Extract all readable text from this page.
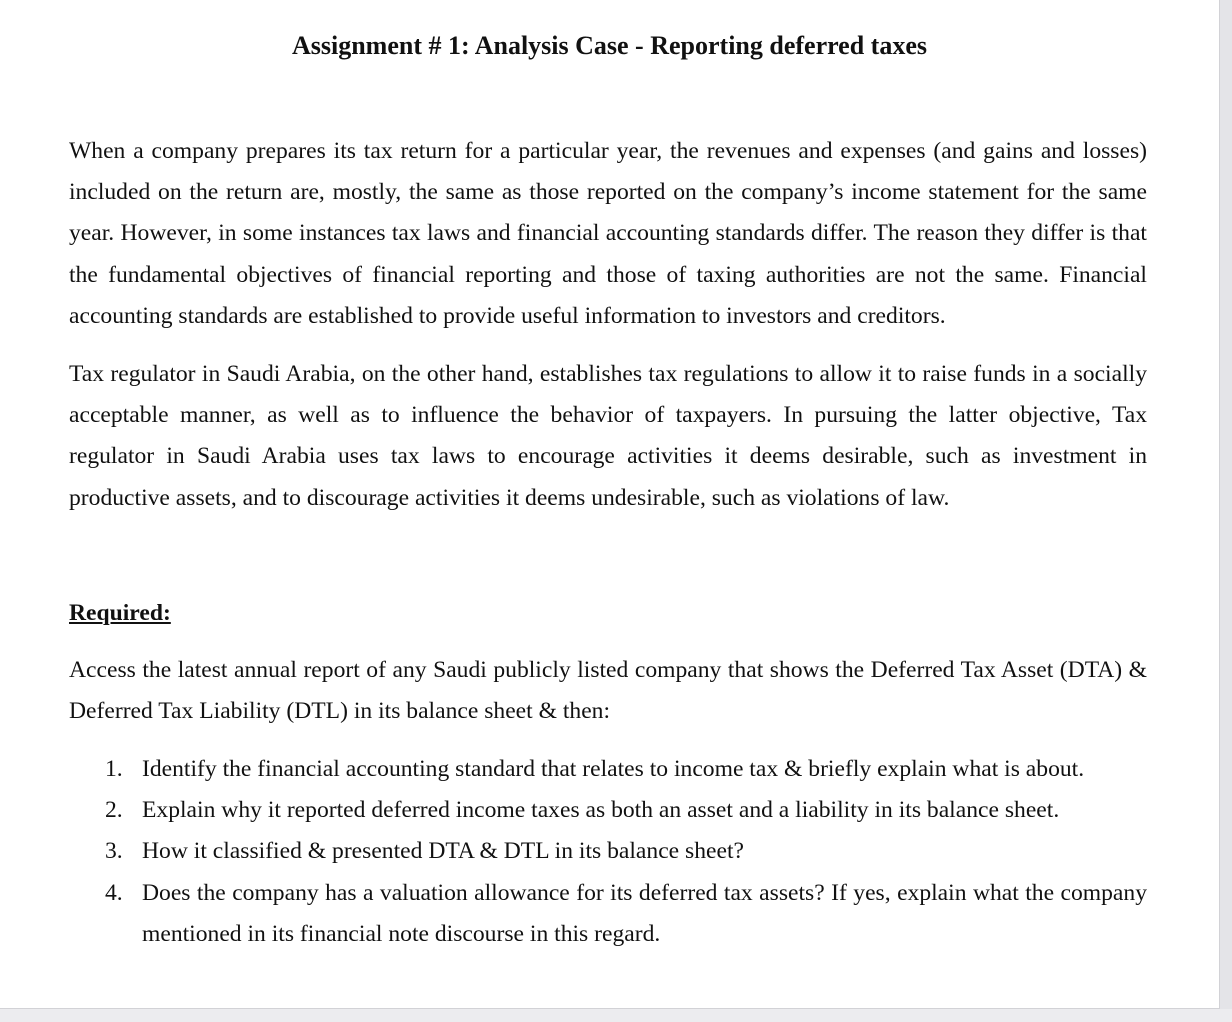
Assignment # 1: Analysis Case - Reporting deferred taxes

When a company prepares its tax return for a particular year, the revenues and expenses (and gains and losses) included on the return are, mostly, the same as those reported on the company’s income statement for the same year. However, in some instances tax laws and financial accounting standards differ. The reason they differ is that the fundamental objectives of financial reporting and those of taxing authorities are not the same. Financial accounting standards are established to provide useful information to investors and creditors.

Tax regulator in Saudi Arabia, on the other hand, establishes tax regulations to allow it to raise funds in a socially acceptable manner, as well as to influence the behavior of taxpayers. In pursuing the latter objective, Tax regulator in Saudi Arabia uses tax laws to encourage activities it deems desirable, such as investment in productive assets, and to discourage activities it deems undesirable, such as violations of law.

Required:

Access the latest annual report of any Saudi publicly listed company that shows the Deferred Tax Asset (DTA) & Deferred Tax Liability (DTL) in its balance sheet & then:

1. Identify the financial accounting standard that relates to income tax & briefly explain what is about.
2. Explain why it reported deferred income taxes as both an asset and a liability in its balance sheet.
3. How it classified & presented DTA & DTL in its balance sheet?
4. Does the company has a valuation allowance for its deferred tax assets? If yes, explain what the company mentioned in its financial note discourse in this regard.
